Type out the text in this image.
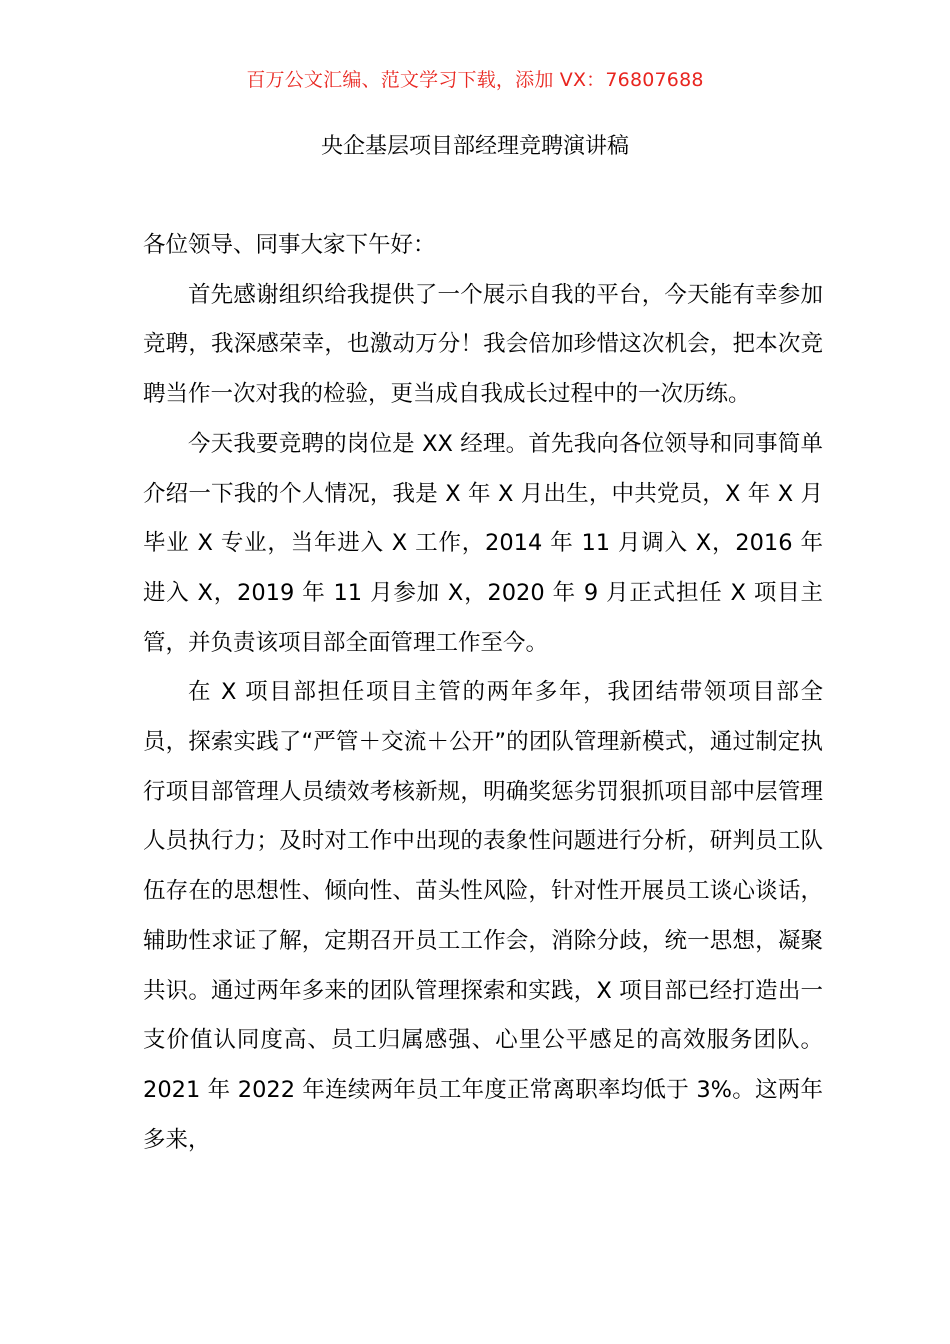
百万公文汇编、范文学习下载，添加 VX：76807688
央企基层项目部经理竞聘演讲稿

各位领导、同事大家下午好：

首先感谢组织给我提供了一个展示自我的平台，今天能有幸参加竞聘，我深感荣幸，也激动万分！我会倍加珍惜这次机会，把本次竞聘当作一次对我的检验，更当成自我成长过程中的一次历练。

今天我要竞聘的岗位是 XX 经理。首先我向各位领导和同事简单介绍一下我的个人情况，我是 X 年 X 月出生，中共党员，X 年 X 月毕业 X 专业，当年进入 X 工作，2014 年 11 月调入 X，2016 年进入 X，2019 年 11 月参加 X，2020 年 9 月正式担任 X 项目主管，并负责该项目部全面管理工作至今。

在 X 项目部担任项目主管的两年多年，我团结带领项目部全员，探索实践了“严管＋交流＋公开”的团队管理新模式，通过制定执行项目部管理人员绩效考核新规，明确奖惩劣罚狠抓项目部中层管理人员执行力；及时对工作中出现的表象性问题进行分析，研判员工队伍存在的思想性、倾向性、苗头性风险，针对性开展员工谈心谈话，辅助性求证了解，定期召开员工工作会，消除分歧，统一思想，凝聚共识。通过两年多来的团队管理探索和实践，X 项目部已经打造出一支价值认同度高、员工归属感强、心里公平感足的高效服务团队。2021 年 2022 年连续两年员工年度正常离职率均低于 3%。这两年多来，
